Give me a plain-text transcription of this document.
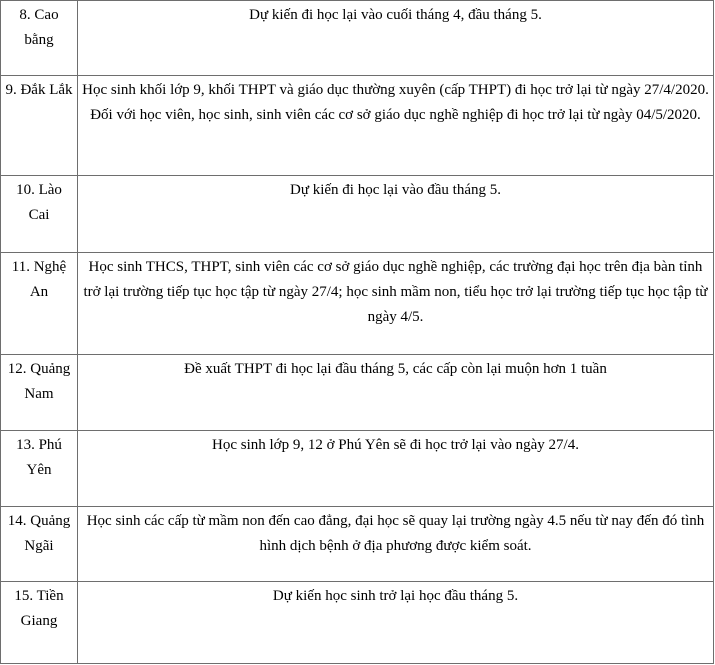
8. Cao bằng	Dự kiến đi học lại vào cuối tháng 4, đầu tháng 5.
9. Đắk Lắk	Học sinh khối lớp 9, khối THPT và giáo dục thường xuyên (cấp THPT) đi học trở lại từ ngày 27/4/2020. Đối với học viên, học sinh, sinh viên các cơ sở giáo dục nghề nghiệp đi học trở lại từ ngày 04/5/2020.
10. Lào Cai	Dự kiến đi học lại vào đầu tháng 5.
11. Nghệ An	Học sinh THCS, THPT, sinh viên các cơ sở giáo dục nghề nghiệp, các trường đại học trên địa bàn tỉnh trở lại trường tiếp tục học tập từ ngày 27/4; học sinh mầm non, tiểu học trở lại trường tiếp tục học tập từ ngày 4/5.
12. Quảng Nam	Đề xuất THPT đi học lại đầu tháng 5, các cấp còn lại muộn hơn 1 tuần
13. Phú Yên	Học sinh lớp 9, 12 ở Phú Yên sẽ đi học trở lại vào ngày 27/4.
14. Quảng Ngãi	Học sinh các cấp từ mầm non đến cao đẳng, đại học sẽ quay lại trường ngày 4.5 nếu từ nay đến đó tình hình dịch bệnh ở địa phương được kiểm soát.
15. Tiền Giang	Dự kiến học sinh trở lại học đầu tháng 5.
